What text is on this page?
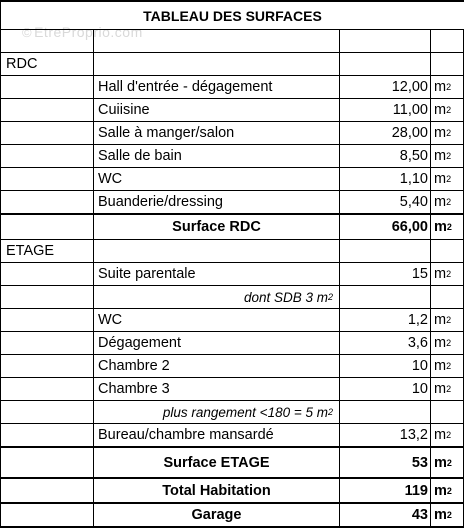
© EtreProprio.com
TABLEAU DES SURFACES
RDC
Hall d'entrée - dégagement	12,00 m 2
Cuiisine	11,00 m 2
Salle à manger/salon	28,00 m 2
Salle de bain	8,50 m 2
WC	1,10 m 2
Buanderie/dressing	5,40 m 2
Surface RDC	66,00 m 2
ETAGE
Suite parentale	15 m 2
dont SDB 3 m 2
WC	1,2 m 2
Dégagement	3,6 m 2
Chambre 2	10 m 2
Chambre 3	10 m 2
plus rangement <180 = 5 m 2
Bureau/chambre mansardé	13,2 m 2
Surface ETAGE	53 m 2
Total Habitation	119 m 2
Garage	43 m 2
